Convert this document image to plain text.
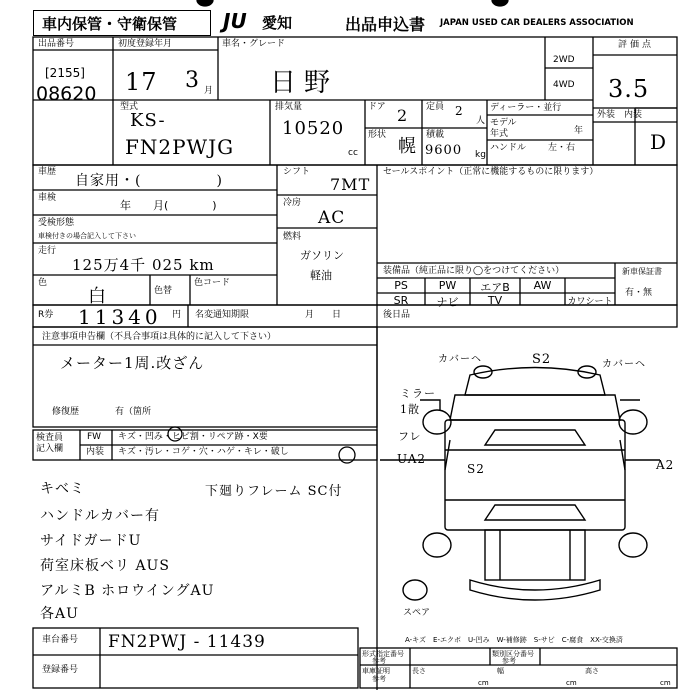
車内保管・守衛保管 JU 愛知	出品申込書 JAPAN USED CAR DEALERS ASSOCIATION
出品番号
[2155]
08620
初度登録年月
17 3 月
車名・グレード
日野
2WD
4WD
評価点
3.5
外装　内装
D
型式
KS-
FN2PWJG
排気量
10520
cc
ドア 2 定員 2
人
形状
幌
積載
9600 kg
ディーラー・並行
モデル
年式	年
ハンドル 左・右
車歴
自家用・(　　　　　)
車検
年　　月(　　　　)
受検形態
車検付きの場合記入して下さい
走行
125万4千 025 km
色
白	色替
色コード
シフト
7MT
冷房
AC
燃料
ガソリン
軽油
セールスポイント（正常に機能するものに限ります）
装備品（純正品に限り◯をつけてください）
PS	PW	エアB	AW
SR	ナビ	TV	カワシート
新車保証書
有・無
R券 11340 円 名変通知期限	月　　日	後日品
注意事項申告欄（不具合事項は具体的に記入して下さい）
メーター1周.改ざん
修復歴	有（箇所
検査員
記入欄
FW キズ・凹み・ヒビ割・リペア跡・X要
内装 キズ・汚レ・コゲ・穴・ハゲ・キレ・破し
キベミ	下廻りフレーム SC付
ハンドルカバー有
サイドガードU
荷室床板ベリ AUS
アルミB ホロウイングAU
各AU
カバーヘ	S2	カバーヘ
ミラー 1散
フレ
UA2
S2	A2
スペア
A-キズ　E-エクボ　U-凹み　W-補修跡　S-サビ　C-腐食　XX-交換済
車台番号 FN2PWJ - 11439
登録番号
形式指定番号
参考
類別区分番号
参考
車庫証明
参考
長さ
cm
幅
cm
高さ
cm
